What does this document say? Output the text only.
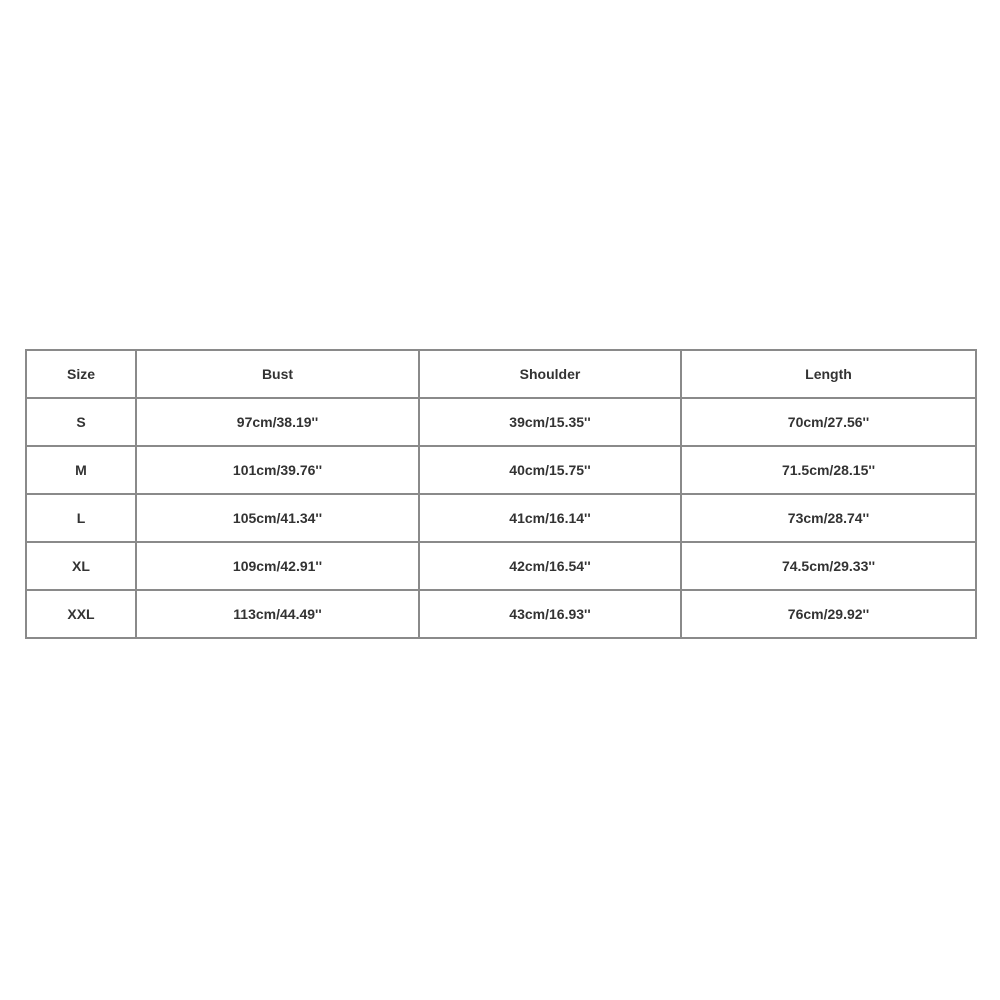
Size	Bust	Shoulder	Length
S	97cm/38.19''	39cm/15.35''	70cm/27.56''
M	101cm/39.76''	40cm/15.75''	71.5cm/28.15''
L	105cm/41.34''	41cm/16.14''	73cm/28.74''
XL	109cm/42.91''	42cm/16.54''	74.5cm/29.33''
XXL	113cm/44.49''	43cm/16.93''	76cm/29.92''
